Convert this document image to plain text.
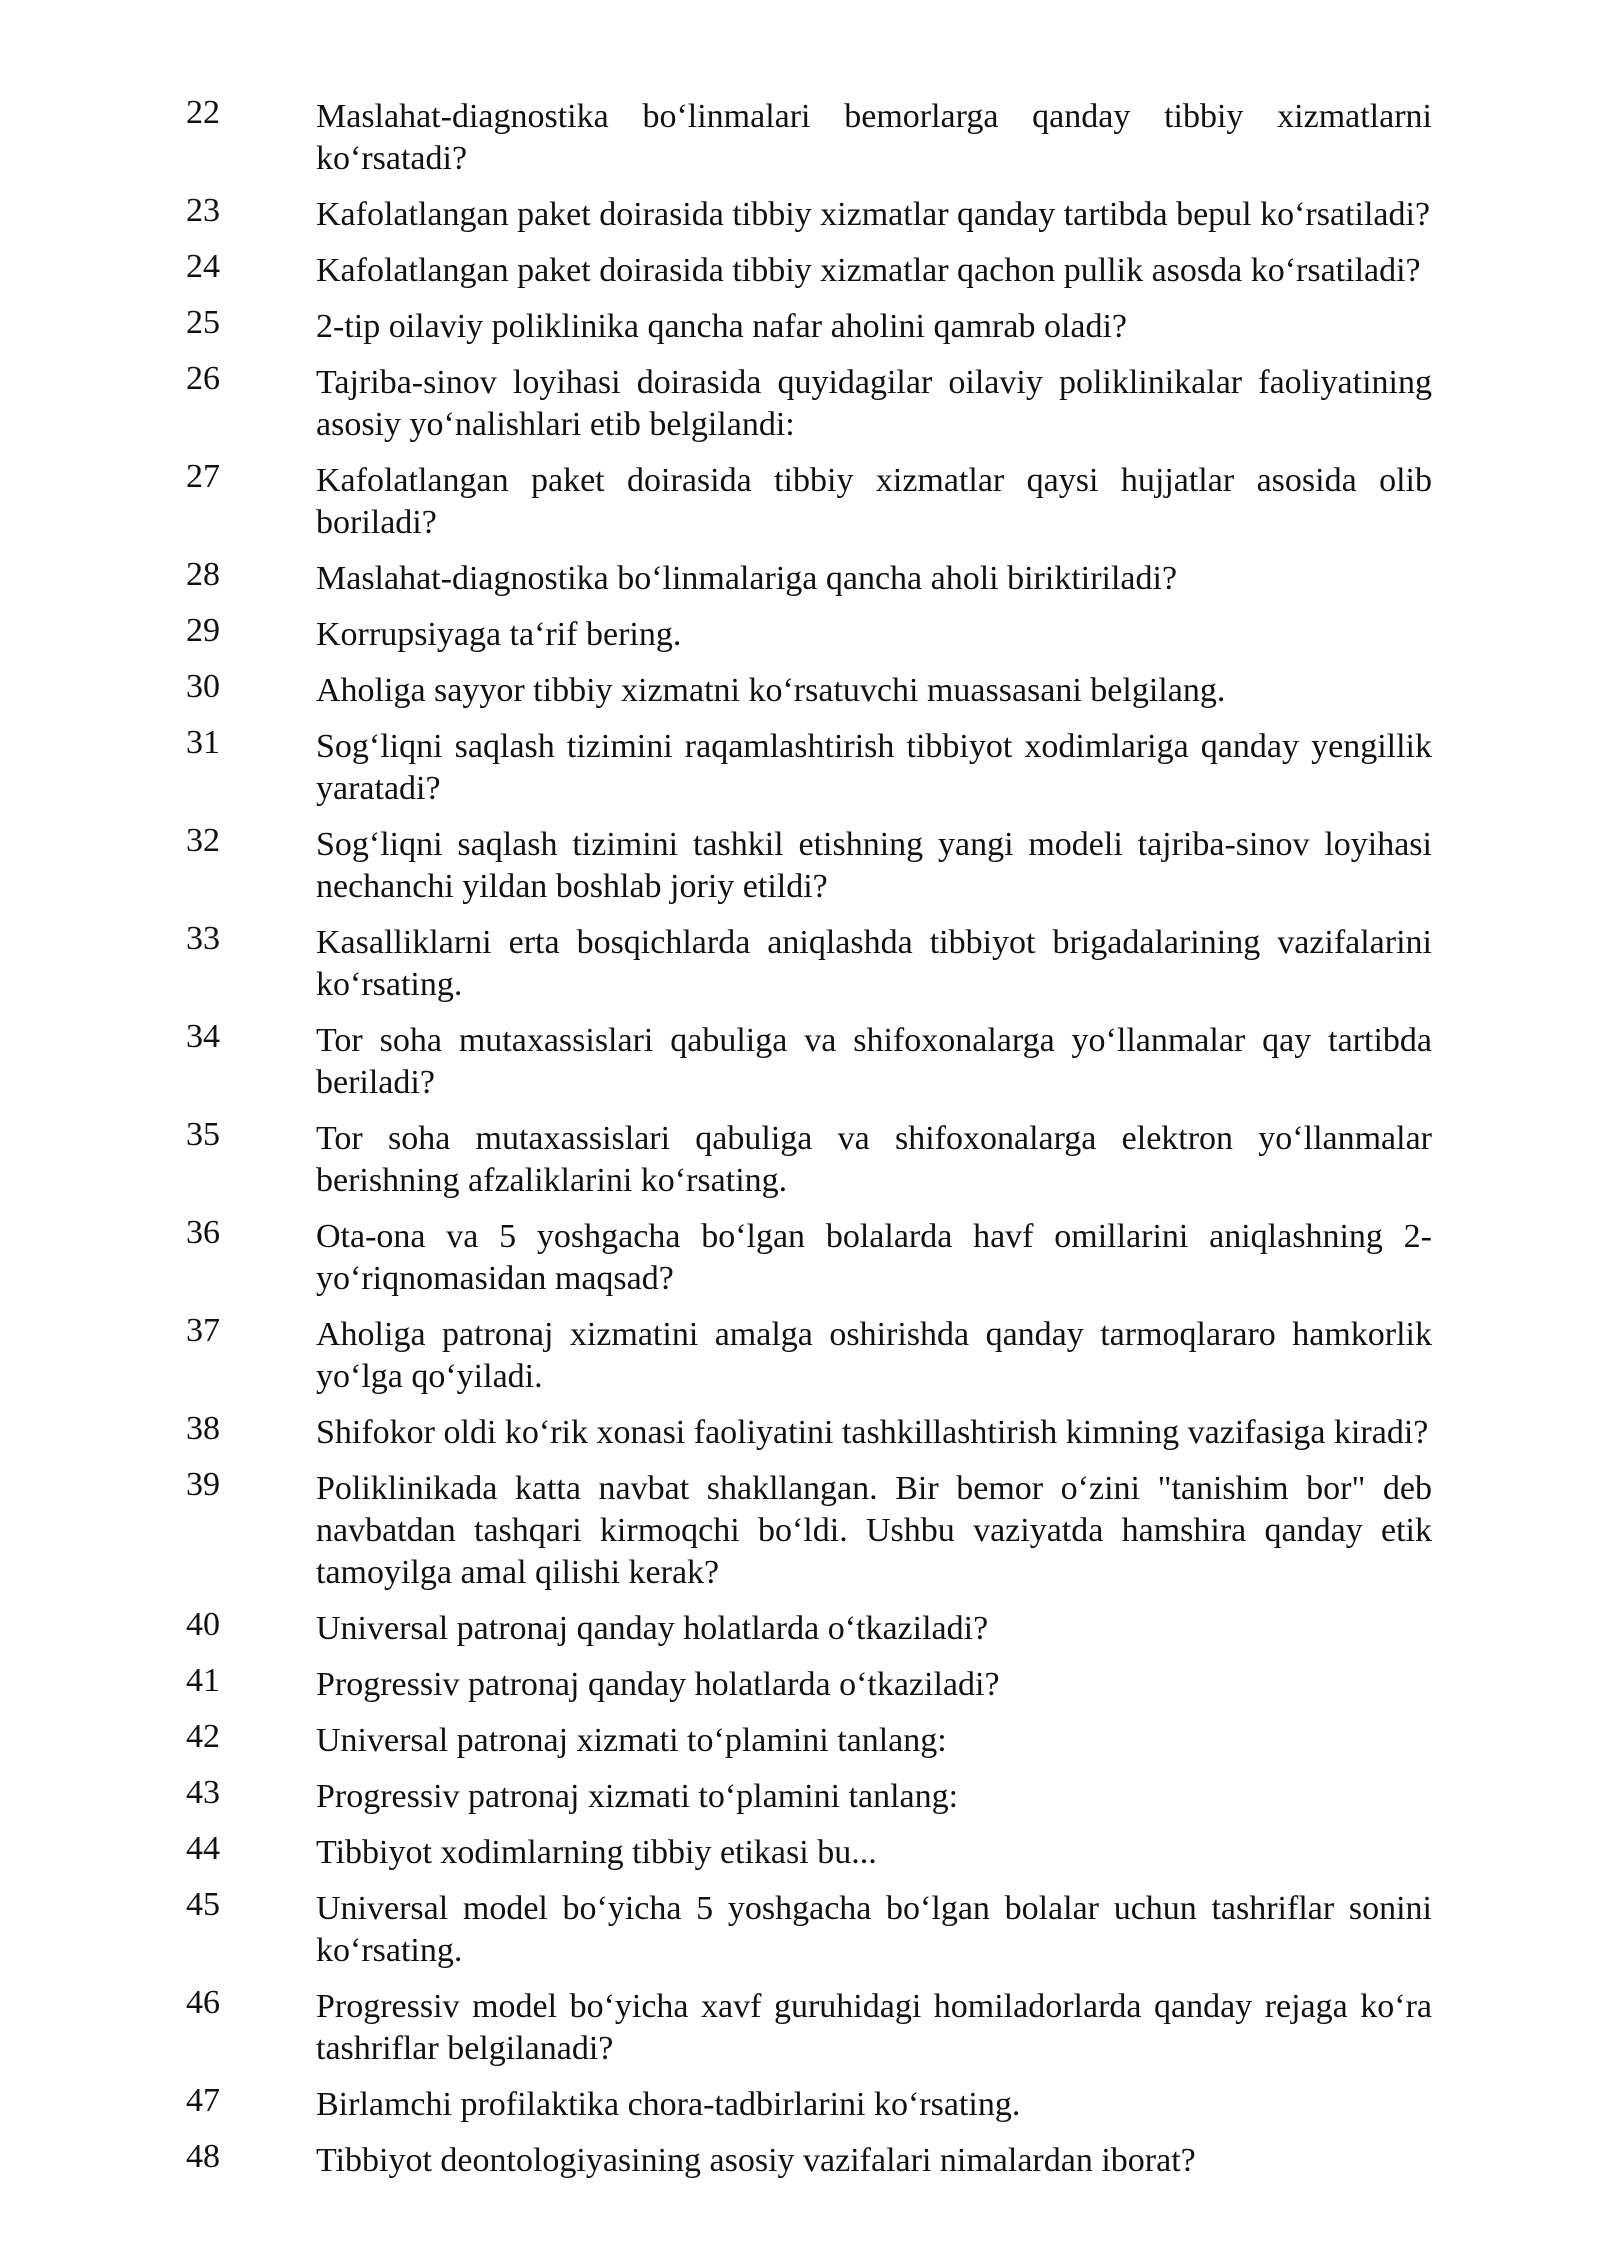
22	Maslahat-diagnostika bo‘linmalari bemorlarga qanday tibbiy xizmatlarni ko‘rsatadi?
23	Kafolatlangan paket doirasida tibbiy xizmatlar qanday tartibda bepul ko‘rsatiladi?
24	Kafolatlangan paket doirasida tibbiy xizmatlar qachon pullik asosda ko‘rsatiladi?
25	2-tip oilaviy poliklinika qancha nafar aholini qamrab oladi?
26	Tajriba-sinov loyihasi doirasida quyidagilar oilaviy poliklinikalar faoliyatining asosiy yo‘nalishlari etib belgilandi:
27	Kafolatlangan paket doirasida tibbiy xizmatlar qaysi hujjatlar asosida olib boriladi?
28	Maslahat-diagnostika bo‘linmalariga qancha aholi biriktiriladi?
29	Korrupsiyaga ta‘rif bering.
30	Aholiga sayyor tibbiy xizmatni ko‘rsatuvchi muassasani belgilang.
31	Sog‘liqni saqlash tizimini raqamlashtirish tibbiyot xodimlariga qanday yengillik yaratadi?
32	Sog‘liqni saqlash tizimini tashkil etishning yangi modeli tajriba-sinov loyihasi nechanchi yildan boshlab joriy etildi?
33	Kasalliklarni erta bosqichlarda aniqlashda tibbiyot brigadalarining vazifalarini ko‘rsating.
34	Tor soha mutaxassislari qabuliga va shifoxonalarga yo‘llanmalar qay tartibda beriladi?
35	Tor soha mutaxassislari qabuliga va shifoxonalarga elektron yo‘llanmalar berishning afzaliklarini ko‘rsating.
36	Ota-ona va 5 yoshgacha bo‘lgan bolalarda havf omillarini aniqlashning 2-yo‘riqnomasidan maqsad?
37	Aholiga patronaj xizmatini amalga oshirishda qanday tarmoqlararo hamkorlik yo‘lga qo‘yiladi.
38	Shifokor oldi ko‘rik xonasi faoliyatini tashkillashtirish kimning vazifasiga kiradi?
39	Poliklinikada katta navbat shakllangan. Bir bemor o‘zini "tanishim bor" deb navbatdan tashqari kirmoqchi bo‘ldi. Ushbu vaziyatda hamshira qanday etik tamoyilga amal qilishi kerak?
40	Universal patronaj qanday holatlarda o‘tkaziladi?
41	Progressiv patronaj qanday holatlarda o‘tkaziladi?
42	Universal patronaj xizmati to‘plamini tanlang:
43	Progressiv patronaj xizmati to‘plamini tanlang:
44	Tibbiyot xodimlarning tibbiy etikasi bu...
45	Universal model bo‘yicha 5 yoshgacha bo‘lgan bolalar uchun tashriflar sonini ko‘rsating.
46	Progressiv model bo‘yicha xavf guruhidagi homiladorlarda qanday rejaga ko‘ra tashriflar belgilanadi?
47	Birlamchi profilaktika chora-tadbirlarini ko‘rsating.
48	Tibbiyot deontologiyasining asosiy vazifalari nimalardan iborat?
